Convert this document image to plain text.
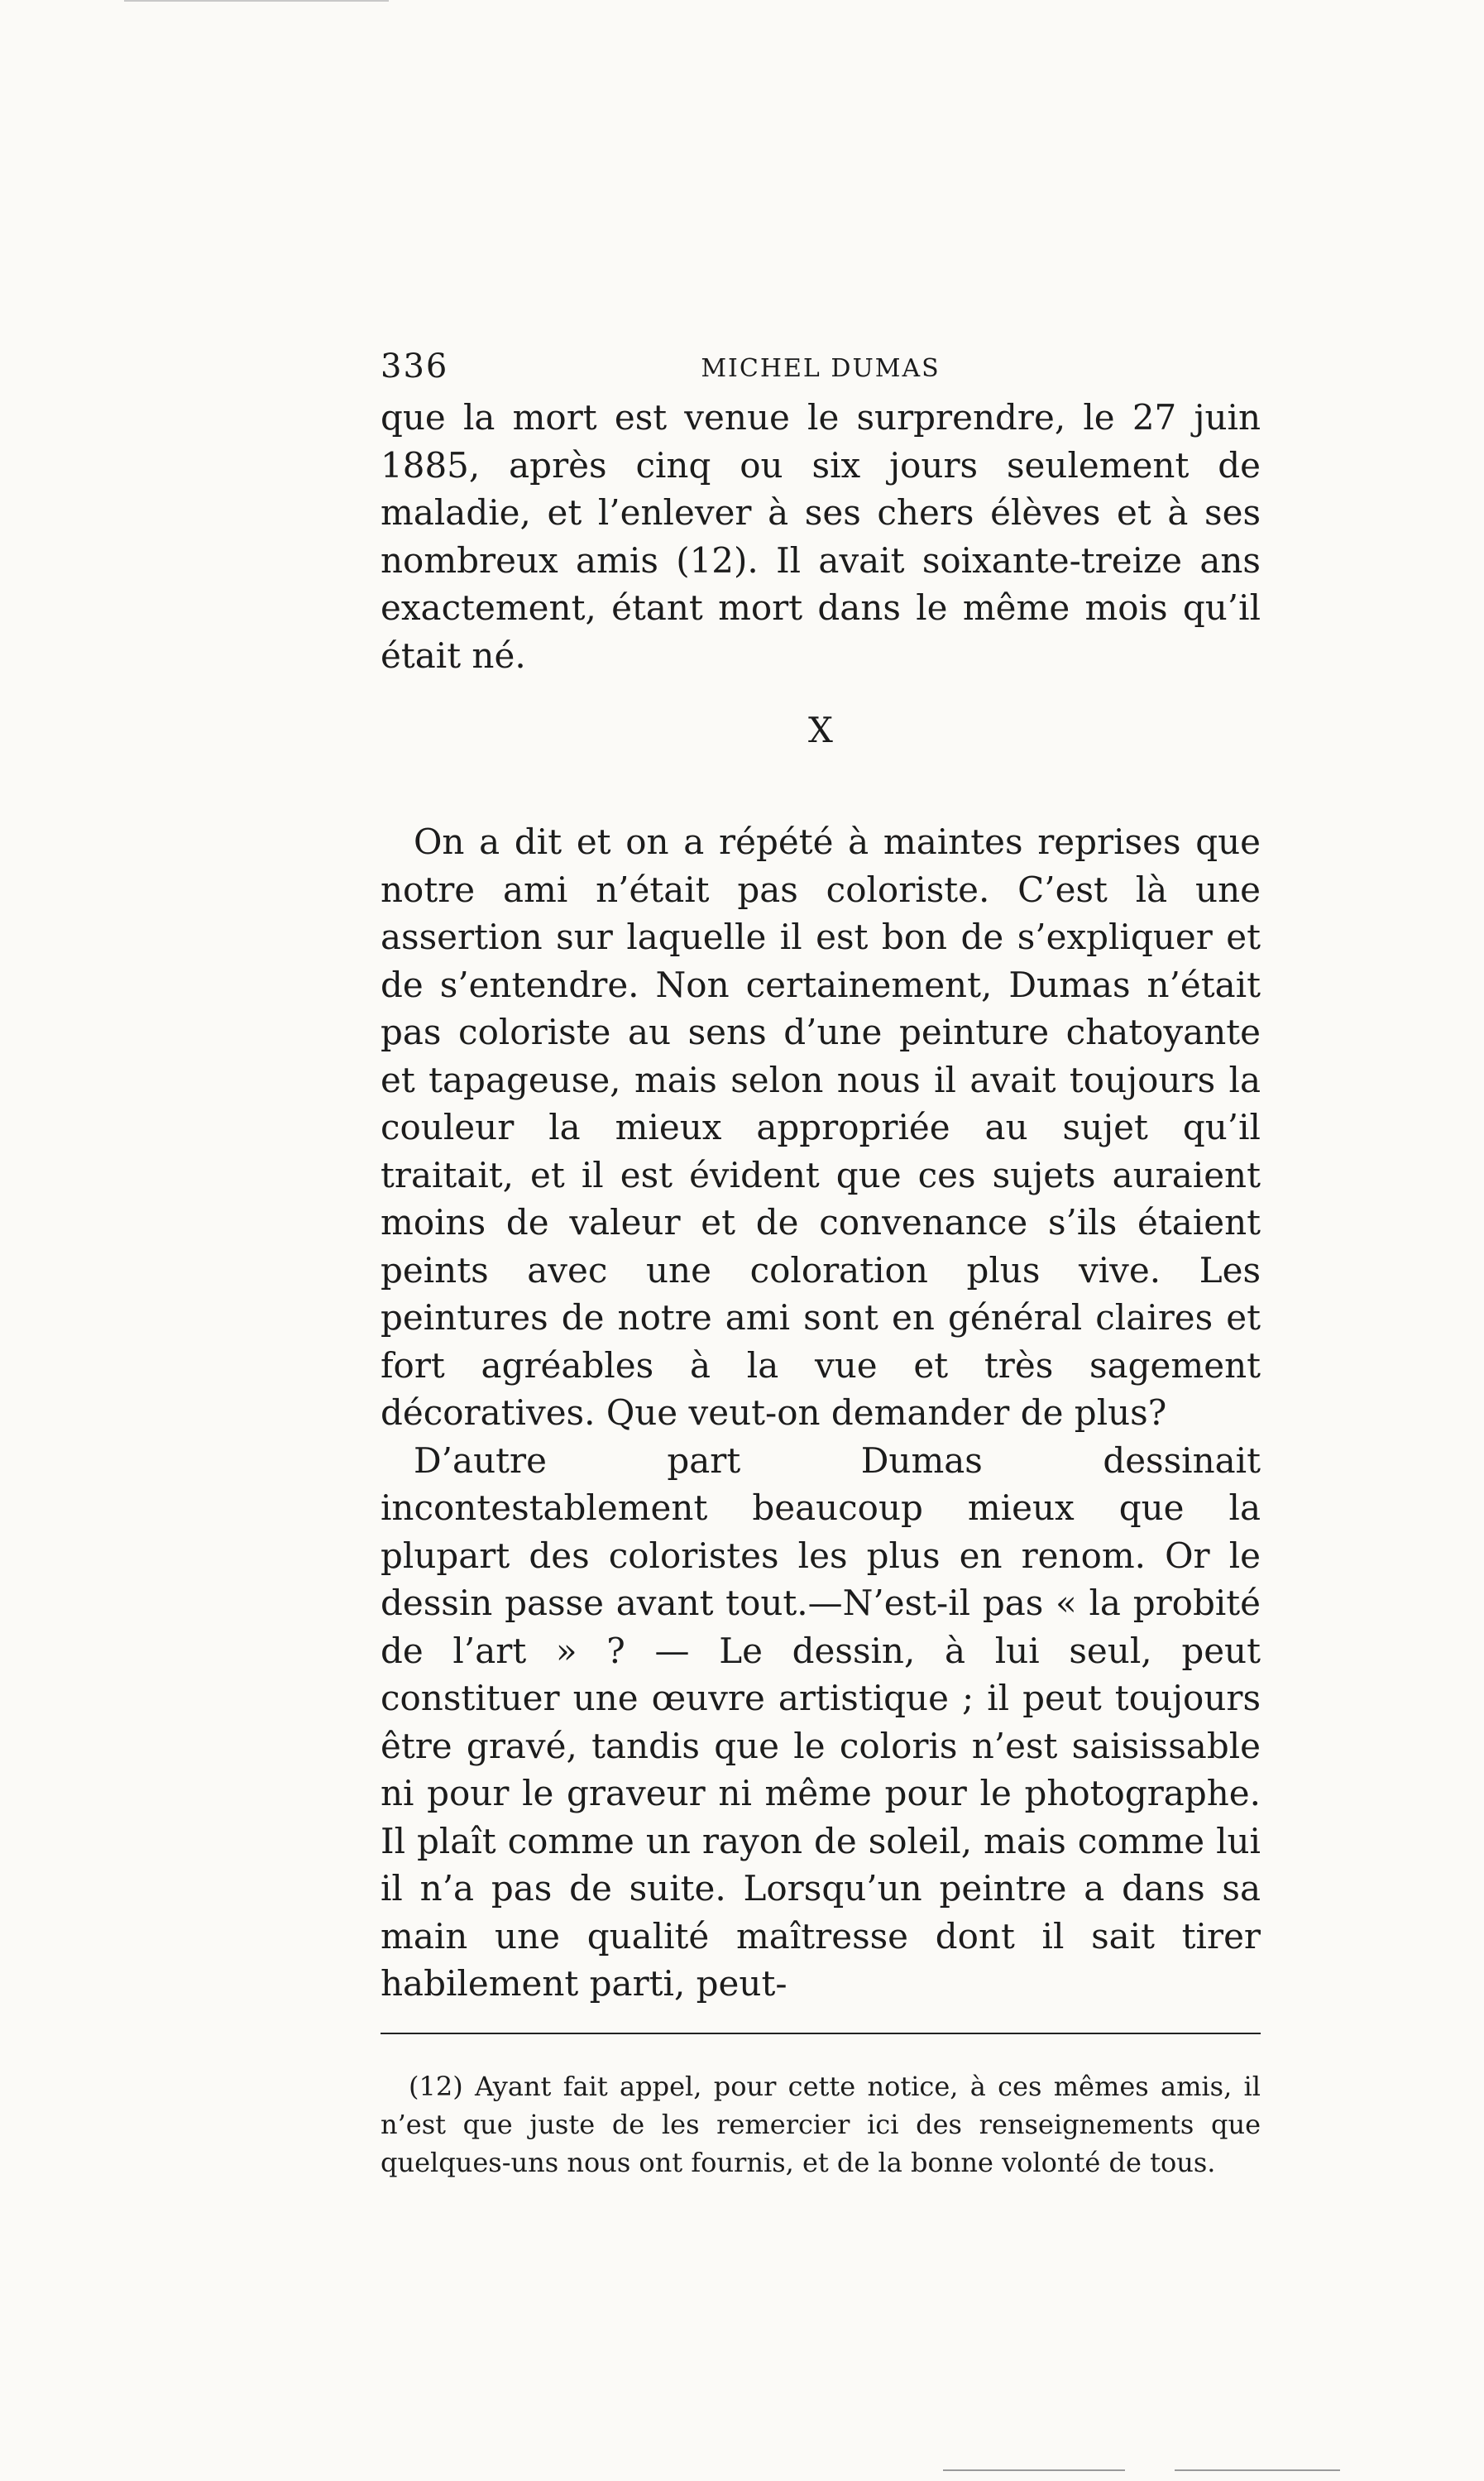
336	MICHEL DUMAS

que la mort est venue le surprendre, le 27 juin 1885, après cinq ou six jours seulement de maladie, et l’enlever à ses chers élèves et à ses nombreux amis (12). Il avait soixante-treize ans exactement, étant mort dans le même mois qu’il était né.

X

On a dit et on a répété à maintes reprises que notre ami n’était pas coloriste. C’est là une assertion sur laquelle il est bon de s’expliquer et de s’entendre. Non certainement, Dumas n’était pas coloriste au sens d’une peinture chatoyante et tapageuse, mais selon nous il avait toujours la couleur la mieux appropriée au sujet qu’il traitait, et il est évident que ces sujets auraient moins de valeur et de convenance s’ils étaient peints avec une coloration plus vive. Les peintures de notre ami sont en général claires et fort agréables à la vue et très sagement décoratives. Que veut-on demander de plus?

D’autre part Dumas dessinait incontestablement beaucoup mieux que la plupart des coloristes les plus en renom. Or le dessin passe avant tout.—N’est-il pas « la probité de l’art » ? — Le dessin, à lui seul, peut constituer une œuvre artistique ; il peut toujours être gravé, tandis que le coloris n’est saisissable ni pour le graveur ni même pour le photographe. Il plaît comme un rayon de soleil, mais comme lui il n’a pas de suite. Lorsqu’un peintre a dans sa main une qualité maîtresse dont il sait tirer habilement parti, peut-

(12) Ayant fait appel, pour cette notice, à ces mêmes amis, il n’est que juste de les remercier ici des renseignements que quelques-uns nous ont fournis, et de la bonne volonté de tous.
